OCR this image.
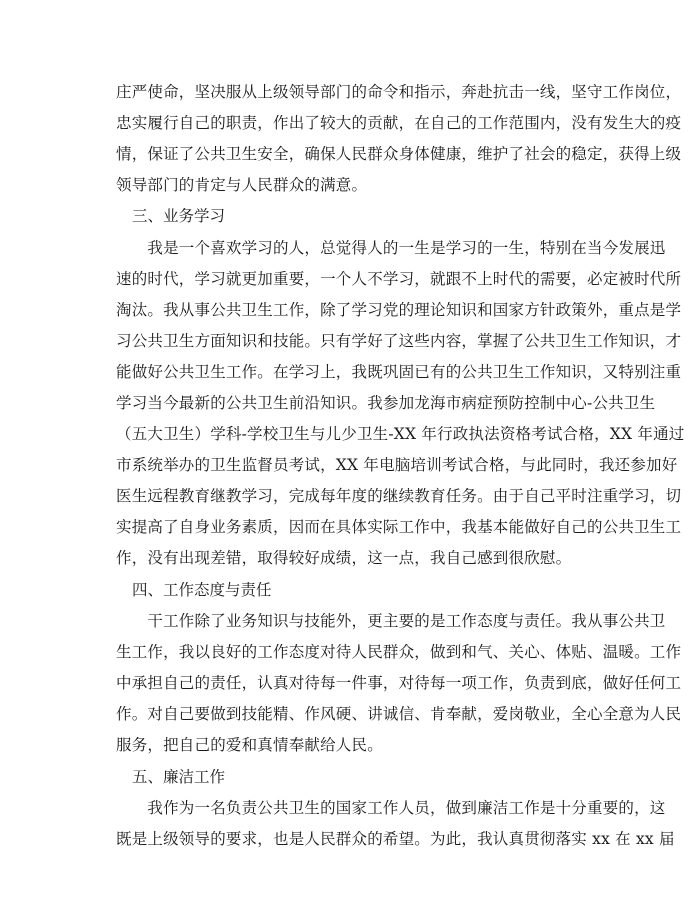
庄严使命，坚决服从上级领导部门的命令和指示，奔赴抗击一线，坚守工作岗位，
忠实履行自己的职责，作出了较大的贡献，在自己的工作范围内，没有发生大的疫
情，保证了公共卫生安全，确保人民群众身体健康，维护了社会的稳定，获得上级
领导部门的肯定与人民群众的满意。
三、业务学习
　　我是一个喜欢学习的人，总觉得人的一生是学习的一生，特别在当今发展迅
速的时代，学习就更加重要，一个人不学习，就跟不上时代的需要，必定被时代所
淘汰。我从事公共卫生工作，除了学习党的理论知识和国家方针政策外，重点是学
习公共卫生方面知识和技能。只有学好了这些内容，掌握了公共卫生工作知识，才
能做好公共卫生工作。在学习上，我既巩固已有的公共卫生工作知识，又特别注重
学习当今最新的公共卫生前沿知识。我参加龙海市病症预防控制中心-公共卫生
（五大卫生）学科-学校卫生与儿少卫生-XX 年行政执法资格考试合格，XX 年通过
市系统举办的卫生监督员考试，XX 年电脑培训考试合格，与此同时，我还参加好
医生远程教育继教学习，完成每年度的继续教育任务。由于自己平时注重学习，切
实提高了自身业务素质，因而在具体实际工作中，我基本能做好自己的公共卫生工
作，没有出现差错，取得较好成绩，这一点，我自己感到很欣慰。
四、工作态度与责任
　　干工作除了业务知识与技能外，更主要的是工作态度与责任。我从事公共卫
生工作，我以良好的工作态度对待人民群众，做到和气、关心、体贴、温暖。工作
中承担自己的责任，认真对待每一件事，对待每一项工作，负责到底，做好任何工
作。对自己要做到技能精、作风硬、讲诚信、肯奉献，爱岗敬业，全心全意为人民
服务，把自己的爱和真情奉献给人民。
五、廉洁工作
　　我作为一名负责公共卫生的国家工作人员，做到廉洁工作是十分重要的，这
既是上级领导的要求，也是人民群众的希望。为此，我认真贯彻落实 xx 在 xx 届
